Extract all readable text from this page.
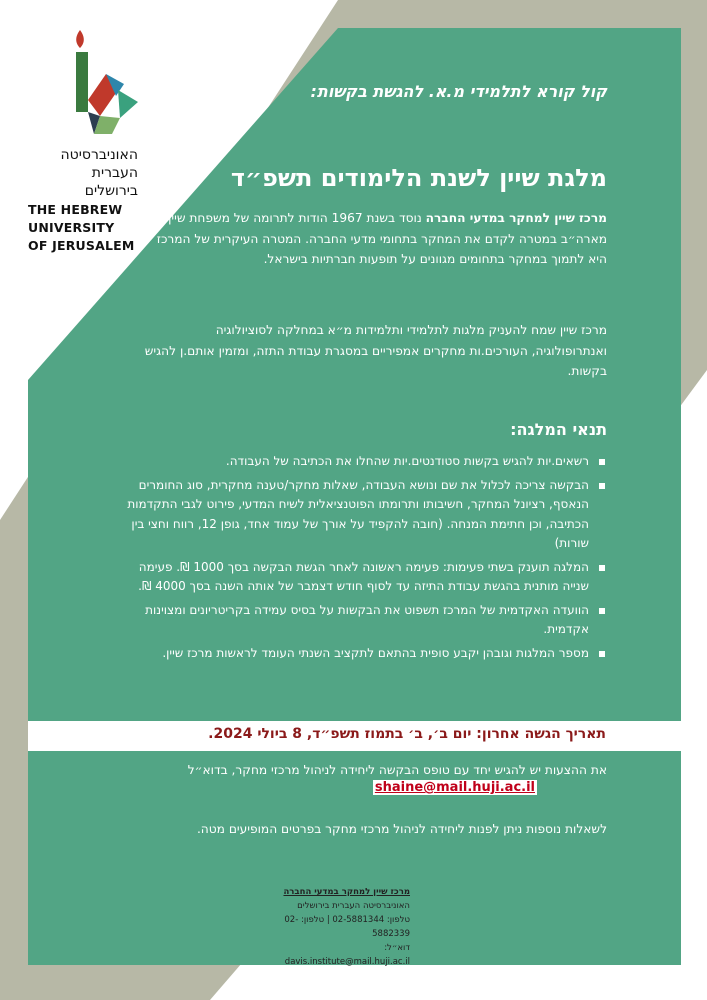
האוניברסיטה
העברית
בירושלים
THE HEBREW
UNIVERSITY
OF JERUSALEM
קול קורא לתלמידי מ.א. להגשת בקשות:
מלגת שיין לשנת הלימודים תשפ״ד
מרכז שיין למחקר במדעי החברה נוסד בשנת 1967 הודות לתרומה של משפחת שיין מארה״ב במטרה לקדם את המחקר בתחומי מדעי החברה. המטרה העיקרית של המרכז היא לתמוך במחקר בתחומים מגוונים על תופעות חברתיות בישראל.
מרכז שיין שמח להעניק מלגות לתלמידי ותלמידות מ״א במחלקה לסוציולוגיה ואנתרופולוגיה, העורכים.ות מחקרים אמפיריים במסגרת עבודת התזה, ומזמין אותם.ן להגיש בקשות.
תנאי המלגה:
רשאים.יות להגיש בקשות סטודנטים.יות שהחלו את הכתיבה של העבודה.
הבקשה צריכה לכלול את שם ונושא העבודה, שאלות מחקר/טענה מחקרית, סוג החומרים הנאסף, רציונל המחקר, חשיבותו ותרומתו הפוטנציאלית לשיח המדעי, פירוט לגבי התקדמות הכתיבה, וכן חתימת המנחה. (חובה להקפיד על אורך של עמוד אחד, גופן 12, רווח וחצי בין שורות)
המלגה תוענק בשתי פעימות: פעימה ראשונה לאחר הגשת הבקשה בסך 1000 ₪. פעימה שנייה מותנית בהגשת עבודת התיזה עד לסוף חודש דצמבר של אותה השנה בסך 4000 ₪.
הוועדה האקדמית של המרכז תשפוט את הבקשות על בסיס עמידה בקריטריונים ומצוינות אקדמית.
מספר המלגות וגובהן יקבע סופית בהתאם לתקציב השנתי העומד לראשות מרכז שיין.
תאריך הגשה אחרון: יום ב׳, ב׳ בתמוז תשפ״ד, 8 ביולי 2024.
את ההצעות יש להגיש יחד עם טופס הבקשה ליחידה לניהול מרכזי מחקר, בדוא״ל
shaine@mail.huji.ac.il
לשאלות נוספות ניתן לפנות ליחידה לניהול מרכזי מחקר בפרטים המופיעים מטה.
מרכז שיין למחקר במדעי החברה
האוניברסיטה העברית בירושלים
טלפון: 02-5881344 | טלפון: 02-5882339
דוא״ל: davis.institute@mail.huji.ac.il
